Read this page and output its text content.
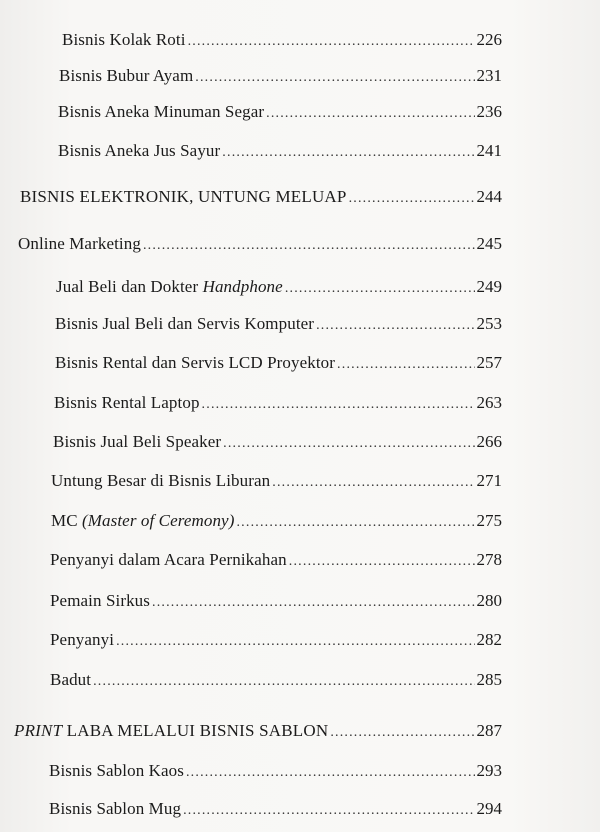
Bisnis Kolak Roti .....	226
Bisnis Bubur Ayam .....	231
Bisnis Aneka Minuman Segar .....	236
Bisnis Aneka Jus Sayur .....	241
BISNIS ELEKTRONIK, UNTUNG MELUAP .....	244
Online Marketing .....	245
Jual Beli dan Dokter Handphone .....	249
Bisnis Jual Beli dan Servis Komputer .....	253
Bisnis Rental dan Servis LCD Proyektor .....	257
Bisnis Rental Laptop .....	263
Bisnis Jual Beli Speaker .....	266
Untung Besar di Bisnis Liburan .....	271
MC (Master of Ceremony) .....	275
Penyanyi dalam Acara Pernikahan .....	278
Pemain Sirkus .....	280
Penyanyi .....	282
Badut .....	285
PRINT LABA MELALUI BISNIS SABLON .....	287
Bisnis Sablon Kaos .....	293
Bisnis Sablon Mug .....	294
